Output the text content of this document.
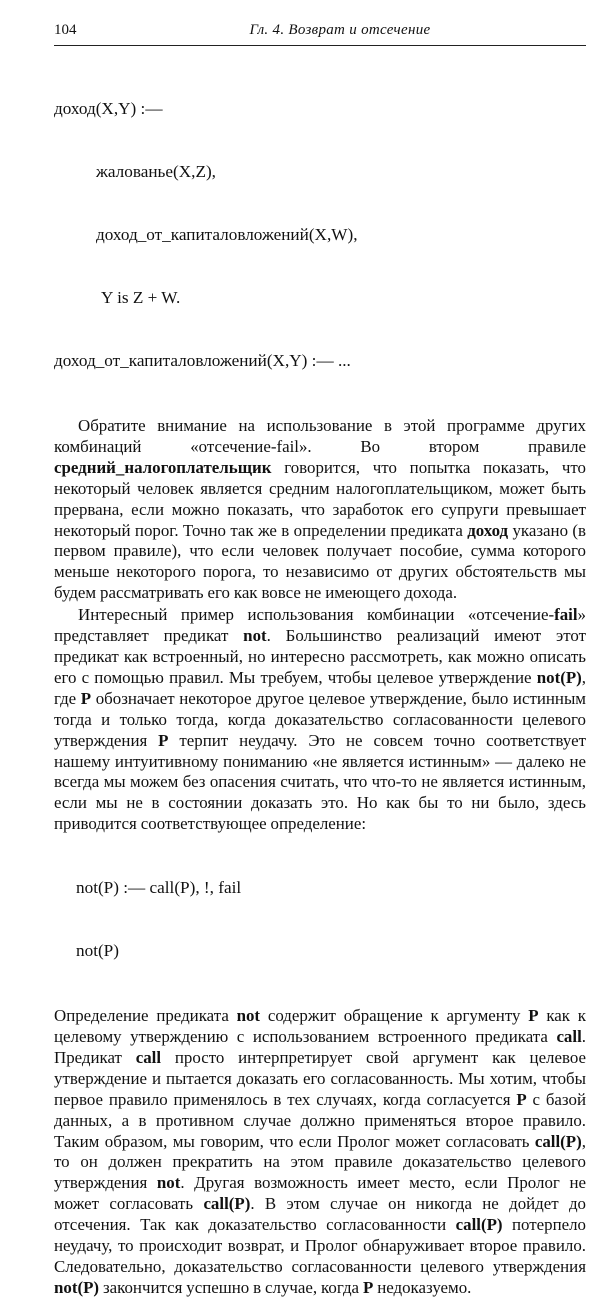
104	Гл. 4. Возврат и отсечение

доход(X,Y) :—

жалованье(X,Z),

доход_от_капиталовложений(X,W),

Y is Z + W.

доход_от_капиталовложений(X,Y) :— ...

Обратите внимание на использование в этой программе других комбинаций «отсечение-fail». Во втором правиле средний_налогоплательщик говорится, что попытка показать, что некоторый человек является средним налогоплательщиком, может быть прервана, если можно показать, что заработок его супруги превышает некоторый порог. Точно так же в определении предиката доход указано (в первом правиле), что если человек получает пособие, сумма которого меньше некоторого порога, то независимо от других обстоятельств мы будем рассматривать его как вовсе не имеющего дохода.

Интересный пример использования комбинации «отсечение-fail» представляет предикат not. Большинство реализаций имеют этот предикат как встроенный, но интересно рассмотреть, как можно описать его с помощью правил. Мы требуем, чтобы целевое утверждение not(P), где P обозначает некоторое другое целевое утверждение, было истинным тогда и только тогда, когда доказательство согласованности целевого утверждения P терпит неудачу. Это не совсем точно соответствует нашему интуитивному пониманию «не является истинным» — далеко не всегда мы можем без опасения считать, что что-то не является истинным, если мы не в состоянии доказать это. Но как бы то ни было, здесь приводится соответствующее определение:

not(P) :— call(P), !, fail

not(P)

Определение предиката not содержит обращение к аргументу P как к целевому утверждению с использованием встроенного предиката call. Предикат call просто интерпретирует свой аргумент как целевое утверждение и пытается доказать его согласованность. Мы хотим, чтобы первое правило применялось в тех случаях, когда согласуется P с базой данных, а в противном случае должно применяться второе правило. Таким образом, мы говорим, что если Пролог может согласовать call(P), то он должен прекратить на этом правиле доказательство целевого утверждения not. Другая возможность имеет место, если Пролог не может согласовать call(P). В этом случае он никогда не дойдет до отсечения. Так как доказательство согласованности call(P) потерпело неудачу, то происходит возврат, и Пролог обнаруживает второе правило. Следовательно, доказательство согласованности целевого утверждения not(P) закончится успешно в случае, когда P недоказуемо.
